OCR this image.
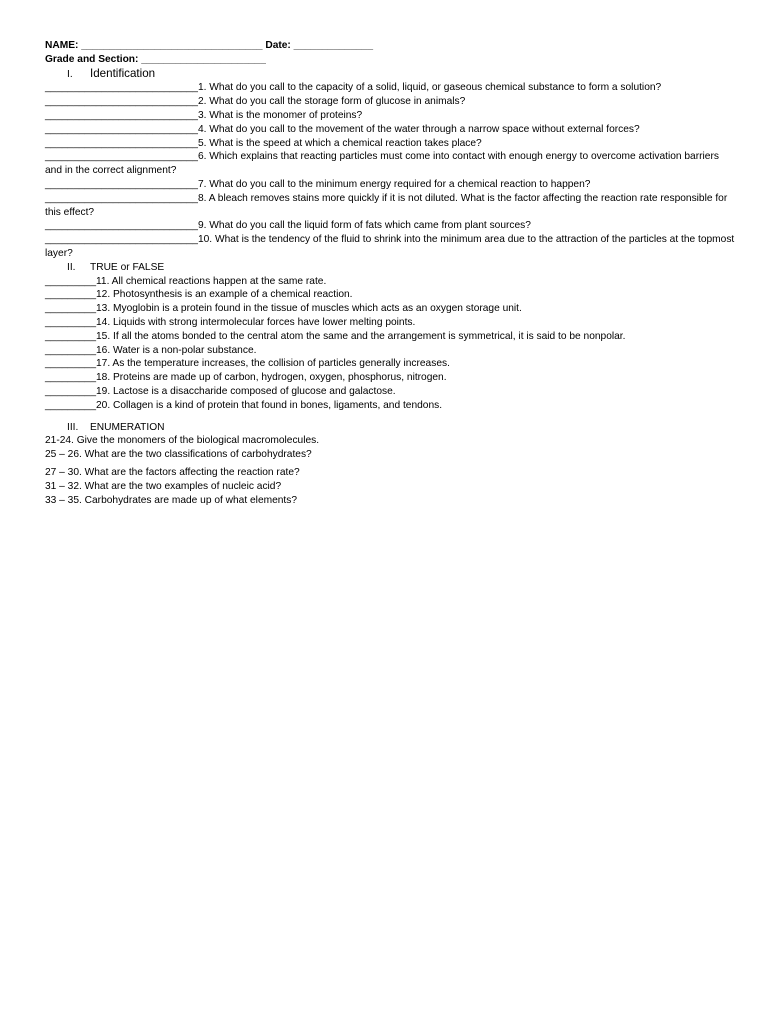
NAME: ________________________________ Date: ______________
Grade and Section: ______________________
I.	Identification
___________________________1. What do you call to the capacity of a solid, liquid, or gaseous chemical substance to form a solution?
___________________________2. What do you call the storage form of glucose in animals?
___________________________3. What is the monomer of proteins?
___________________________4. What do you call to the movement of the water through a narrow space without external forces?
___________________________5. What is the speed at which a chemical reaction takes place?
___________________________6. Which explains that reacting particles must come into contact with enough energy to overcome activation barriers and in the correct alignment?
___________________________7. What do you call to the minimum energy required for a chemical reaction to happen?
___________________________8. A bleach removes stains more quickly if it is not diluted. What is the factor affecting the reaction rate responsible for this effect?
___________________________9. What do you call the liquid form of fats which came from plant sources?
___________________________10. What is the tendency of the fluid to shrink into the minimum area due to the attraction of the particles at the topmost layer?
II.	TRUE or FALSE
_________11. All chemical reactions happen at the same rate.
_________12. Photosynthesis is an example of a chemical reaction.
_________13. Myoglobin is a protein found in the tissue of muscles which acts as an oxygen storage unit.
_________14. Liquids with strong intermolecular forces have lower melting points.
_________15. If all the atoms bonded to the central atom the same and the arrangement is symmetrical, it is said to be nonpolar.
_________16. Water is a non-polar substance.
_________17. As the temperature increases, the collision of particles generally increases.
_________18. Proteins are made up of carbon, hydrogen, oxygen, phosphorus, nitrogen.
_________19. Lactose is a disaccharide composed of glucose and galactose.
_________20. Collagen is a kind of protein that found in bones, ligaments, and tendons.
III.	ENUMERATION
21-24. Give the monomers of the biological macromolecules.
25 – 26. What are the two classifications of carbohydrates?
27 – 30. What are the factors affecting the reaction rate?
31 – 32. What are the two examples of nucleic acid?
33 – 35. Carbohydrates are made up of what elements?
